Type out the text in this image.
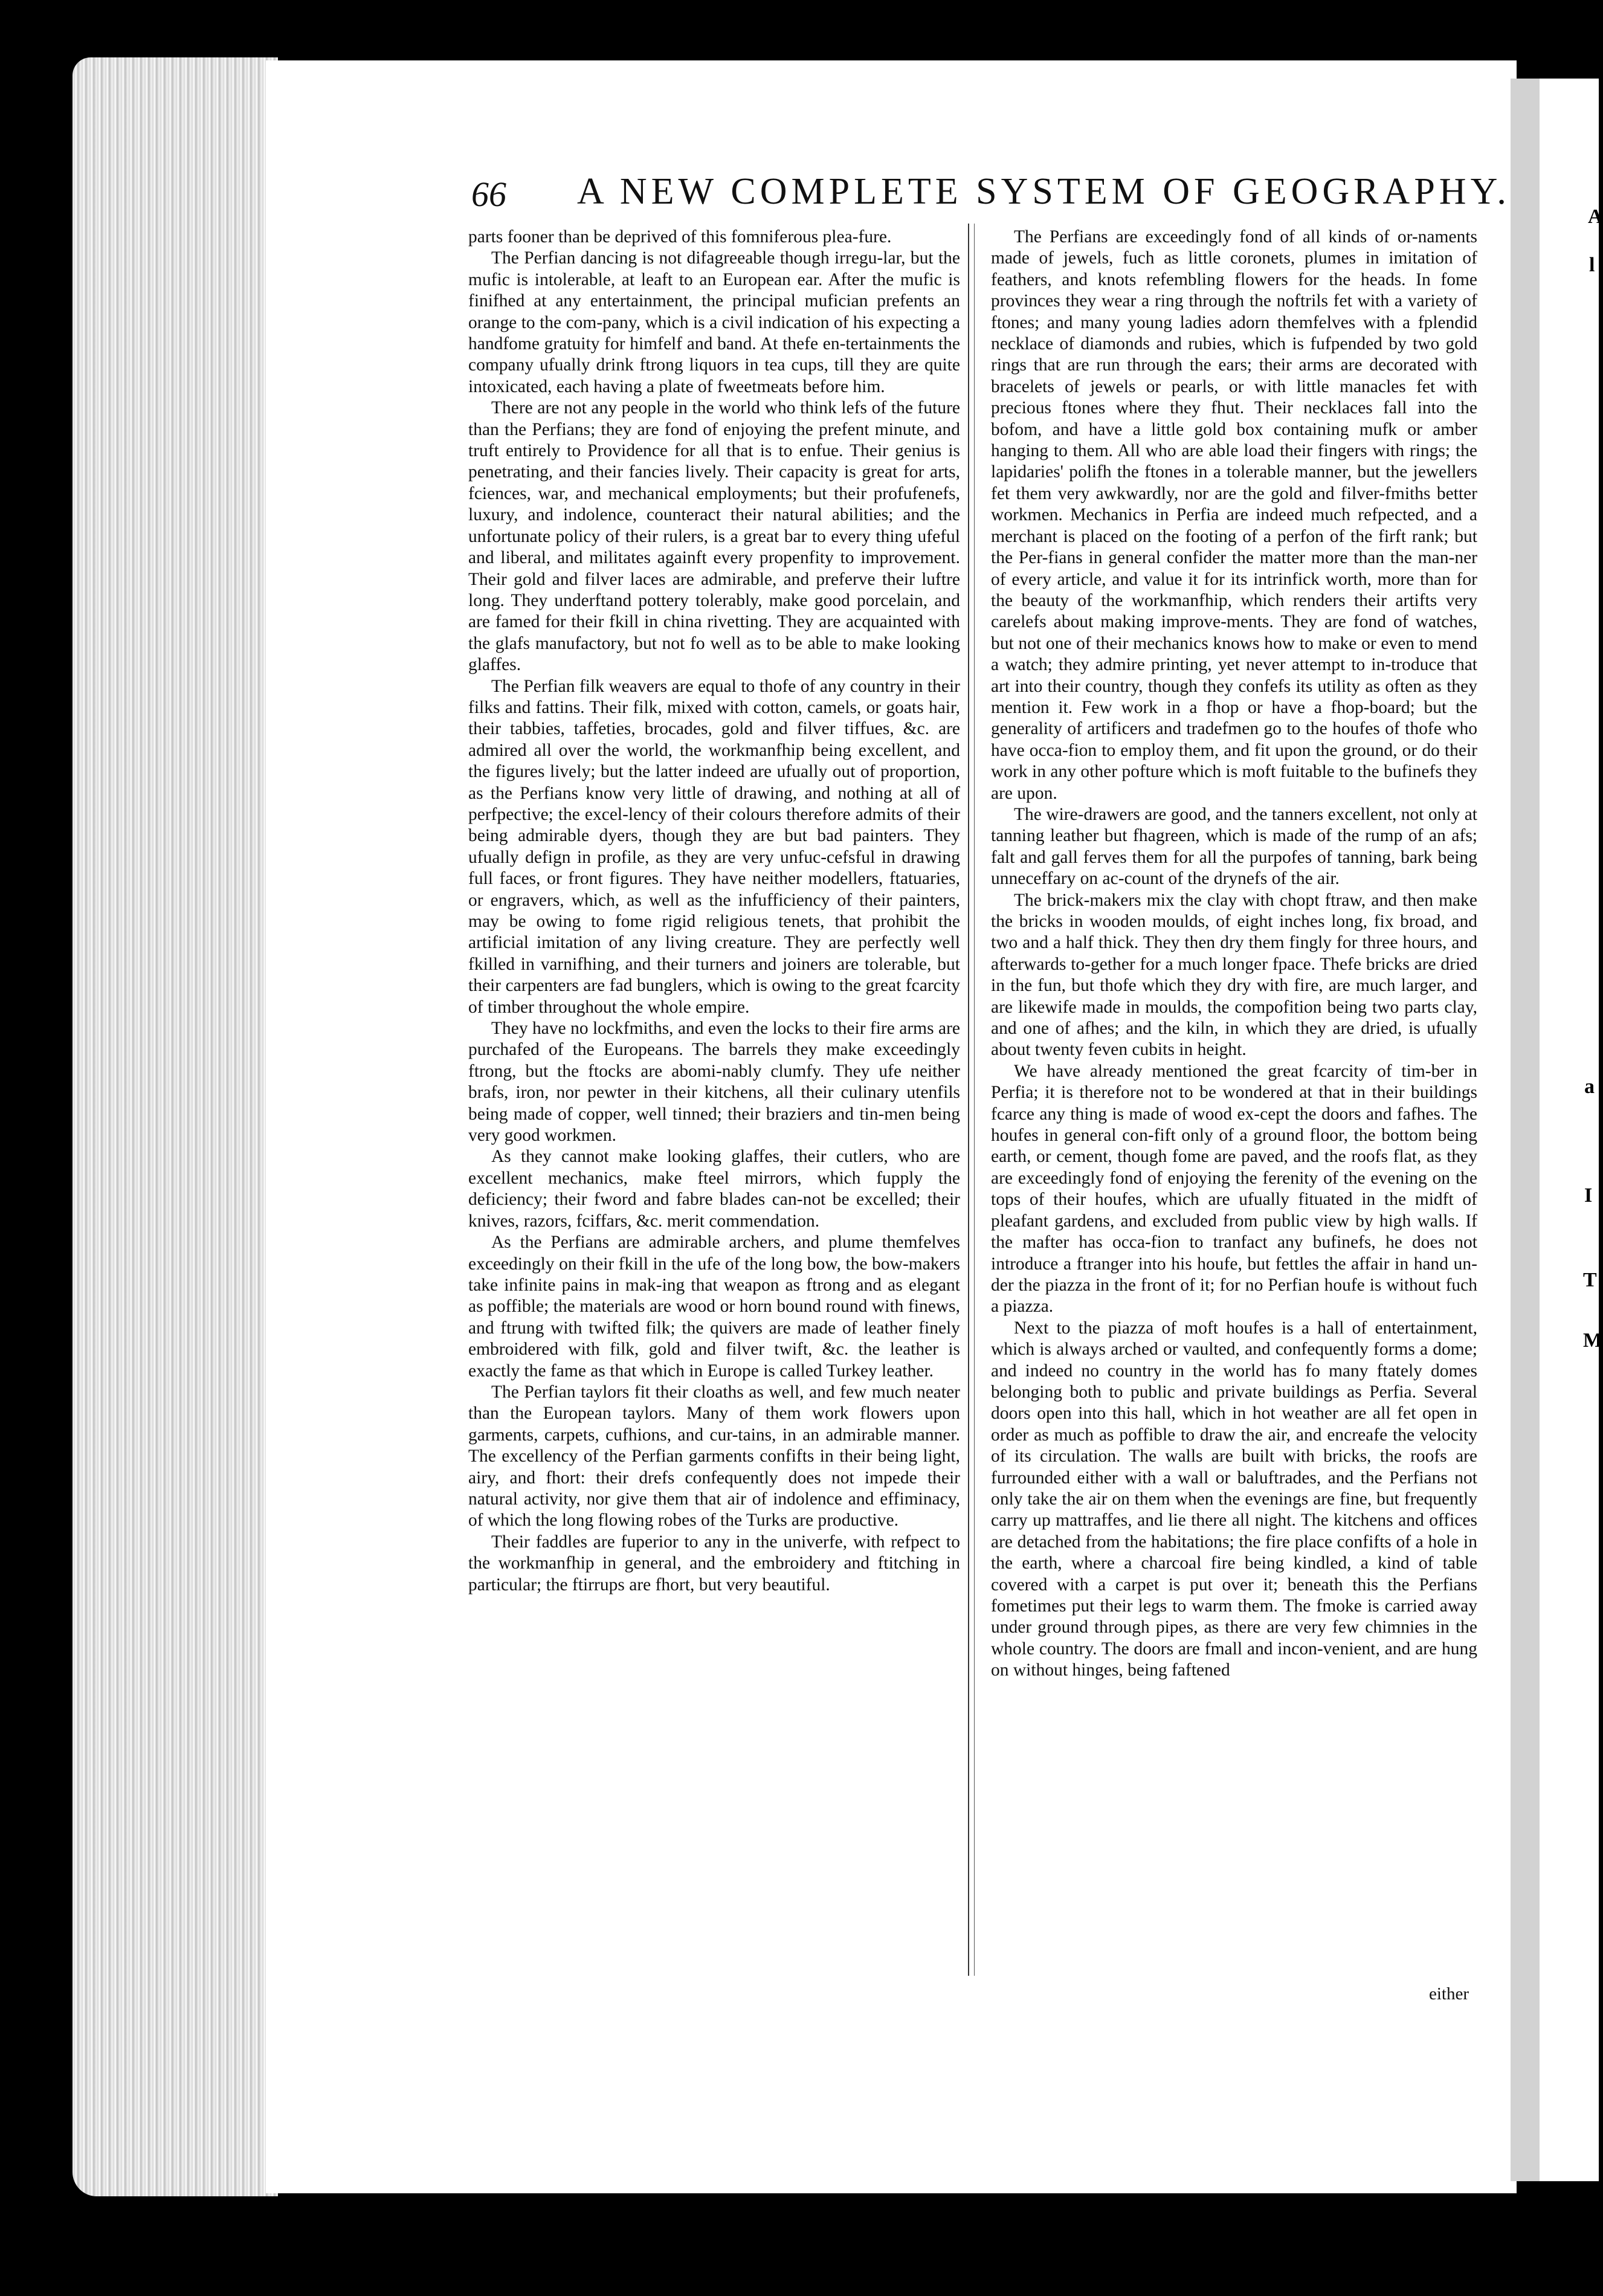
A
l
T
M
I
a
66 A NEW COMPLETE SYSTEM OF GEOGRAPHY.

parts fooner than be deprived of this fomniferous plea-fure.

The Perfian dancing is not difagreeable though irregu-lar, but the mufic is intolerable, at leaft to an European ear. After the mufic is finifhed at any entertainment, the principal mufician prefents an orange to the com-pany, which is a civil indication of his expecting a handfome gratuity for himfelf and band. At thefe en-tertainments the company ufually drink ftrong liquors in tea cups, till they are quite intoxicated, each having a plate of fweetmeats before him.

There are not any people in the world who think lefs of the future than the Perfians; they are fond of enjoying the prefent minute, and truft entirely to Providence for all that is to enfue. Their genius is penetrating, and their fancies lively. Their capacity is great for arts, fciences, war, and mechanical employments; but their profufenefs, luxury, and indolence, counteract their natural abilities; and the unfortunate policy of their rulers, is a great bar to every thing ufeful and liberal, and militates againft every propenfity to improvement. Their gold and filver laces are admirable, and preferve their luftre long. They underftand pottery tolerably, make good porcelain, and are famed for their fkill in china rivetting. They are acquainted with the glafs manufactory, but not fo well as to be able to make looking glaffes.

The Perfian filk weavers are equal to thofe of any country in their filks and fattins. Their filk, mixed with cotton, camels, or goats hair, their tabbies, taffeties, brocades, gold and filver tiffues, &c. are admired all over the world, the workmanfhip being excellent, and the figures lively; but the latter indeed are ufually out of proportion, as the Perfians know very little of drawing, and nothing at all of perfpective; the excel-lency of their colours therefore admits of their being admirable dyers, though they are but bad painters. They ufually defign in profile, as they are very unfuc-cefsful in drawing full faces, or front figures. They have neither modellers, ftatuaries, or engravers, which, as well as the infufficiency of their painters, may be owing to fome rigid religious tenets, that prohibit the artificial imitation of any living creature. They are perfectly well fkilled in varnifhing, and their turners and joiners are tolerable, but their carpenters are fad bunglers, which is owing to the great fcarcity of timber throughout the whole empire.

They have no lockfmiths, and even the locks to their fire arms are purchafed of the Europeans. The barrels they make exceedingly ftrong, but the ftocks are abomi-nably clumfy. They ufe neither brafs, iron, nor pewter in their kitchens, all their culinary utenfils being made of copper, well tinned; their braziers and tin-men being very good workmen.

As they cannot make looking glaffes, their cutlers, who are excellent mechanics, make fteel mirrors, which fupply the deficiency; their fword and fabre blades can-not be excelled; their knives, razors, fciffars, &c. merit commendation.

As the Perfians are admirable archers, and plume themfelves exceedingly on their fkill in the ufe of the long bow, the bow-makers take infinite pains in mak-ing that weapon as ftrong and as elegant as poffible; the materials are wood or horn bound round with finews, and ftrung with twifted filk; the quivers are made of leather finely embroidered with filk, gold and filver twift, &c. the leather is exactly the fame as that which in Europe is called Turkey leather.

The Perfian taylors fit their cloaths as well, and few much neater than the European taylors. Many of them work flowers upon garments, carpets, cufhions, and cur-tains, in an admirable manner. The excellency of the Perfian garments confifts in their being light, airy, and fhort: their drefs confequently does not impede their natural activity, nor give them that air of indolence and effiminacy, of which the long flowing robes of the Turks are productive.

Their faddles are fuperior to any in the univerfe, with refpect to the workmanfhip in general, and the embroidery and ftitching in particular; the ftirrups are fhort, but very beautiful.

The Perfians are exceedingly fond of all kinds of or-naments made of jewels, fuch as little coronets, plumes in imitation of feathers, and knots refembling flowers for the heads. In fome provinces they wear a ring through the noftrils fet with a variety of ftones; and many young ladies adorn themfelves with a fplendid necklace of diamonds and rubies, which is fufpended by two gold rings that are run through the ears; their arms are decorated with bracelets of jewels or pearls, or with little manacles fet with precious ftones where they fhut. Their necklaces fall into the bofom, and have a little gold box containing mufk or amber hanging to them. All who are able load their fingers with rings; the lapidaries' polifh the ftones in a tolerable manner, but the jewellers fet them very awkwardly, nor are the gold and filver-fmiths better workmen. Mechanics in Perfia are indeed much refpected, and a merchant is placed on the footing of a perfon of the firft rank; but the Per-fians in general confider the matter more than the man-ner of every article, and value it for its intrinfick worth, more than for the beauty of the workmanfhip, which renders their artifts very carelefs about making improve-ments. They are fond of watches, but not one of their mechanics knows how to make or even to mend a watch; they admire printing, yet never attempt to in-troduce that art into their country, though they confefs its utility as often as they mention it. Few work in a fhop or have a fhop-board; but the generality of artificers and tradefmen go to the houfes of thofe who have occa-fion to employ them, and fit upon the ground, or do their work in any other pofture which is moft fuitable to the bufinefs they are upon.

The wire-drawers are good, and the tanners excellent, not only at tanning leather but fhagreen, which is made of the rump of an afs; falt and gall ferves them for all the purpofes of tanning, bark being unneceffary on ac-count of the drynefs of the air.

The brick-makers mix the clay with chopt ftraw, and then make the bricks in wooden moulds, of eight inches long, fix broad, and two and a half thick. They then dry them fingly for three hours, and afterwards to-gether for a much longer fpace. Thefe bricks are dried in the fun, but thofe which they dry with fire, are much larger, and are likewife made in moulds, the compofition being two parts clay, and one of afhes; and the kiln, in which they are dried, is ufually about twenty feven cubits in height.

We have already mentioned the great fcarcity of tim-ber in Perfia; it is therefore not to be wondered at that in their buildings fcarce any thing is made of wood ex-cept the doors and fafhes. The houfes in general con-fift only of a ground floor, the bottom being earth, or cement, though fome are paved, and the roofs flat, as they are exceedingly fond of enjoying the ferenity of the evening on the tops of their houfes, which are ufually fituated in the midft of pleafant gardens, and excluded from public view by high walls. If the mafter has occa-fion to tranfact any bufinefs, he does not introduce a ftranger into his houfe, but fettles the affair in hand un-der the piazza in the front of it; for no Perfian houfe is without fuch a piazza.

Next to the piazza of moft houfes is a hall of entertainment, which is always arched or vaulted, and confequently forms a dome; and indeed no country in the world has fo many ftately domes belonging both to public and private buildings as Perfia. Several doors open into this hall, which in hot weather are all fet open in order as much as poffible to draw the air, and encreafe the velocity of its circulation. The walls are built with bricks, the roofs are furrounded either with a wall or baluftrades, and the Perfians not only take the air on them when the evenings are fine, but frequently carry up mattraffes, and lie there all night. The kitchens and offices are detached from the habitations; the fire place confifts of a hole in the earth, where a charcoal fire being kindled, a kind of table covered with a carpet is put over it; beneath this the Perfians fometimes put their legs to warm them. The fmoke is carried away under ground through pipes, as there are very few chimnies in the whole country. The doors are fmall and incon-venient, and are hung on without hinges, being faftened

either
